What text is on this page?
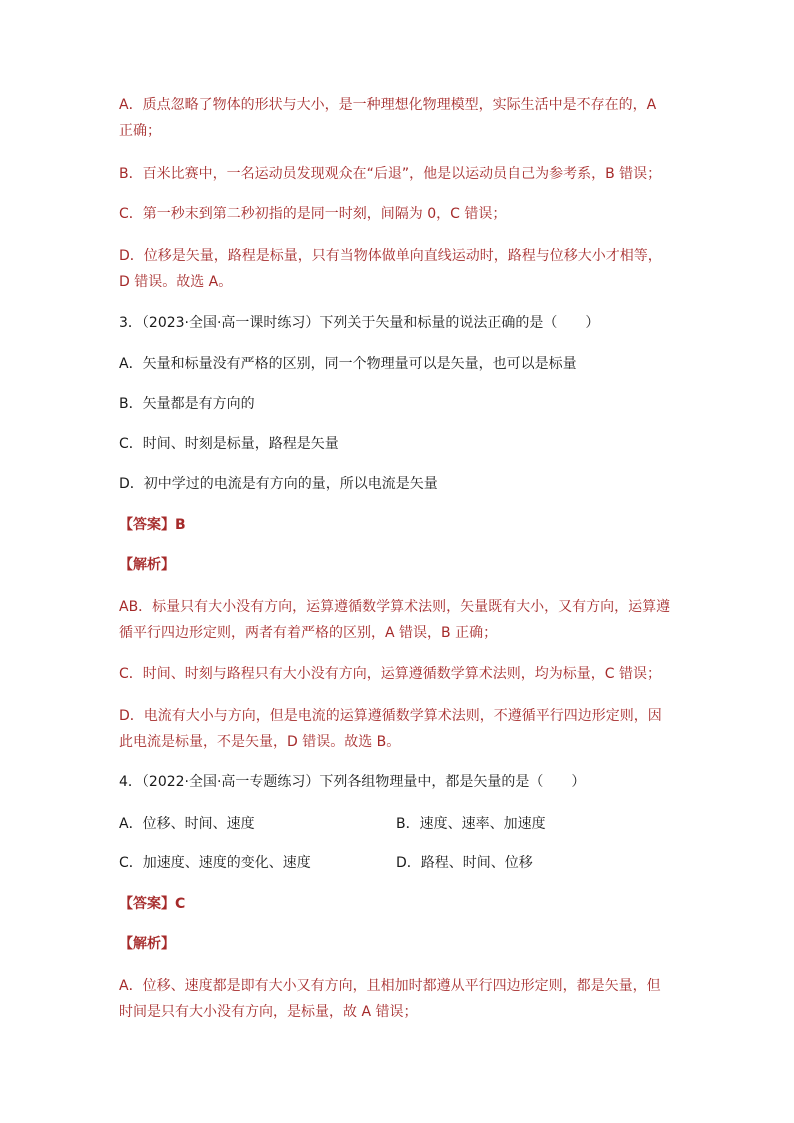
A．质点忽略了物体的形状与大小，是一种理想化物理模型，实际生活中是不存在的，A
正确；
B．百米比赛中，一名运动员发现观众在“后退”，他是以运动员自己为参考系，B 错误；
C．第一秒末到第二秒初指的是同一时刻，间隔为 0，C 错误；
D．位移是矢量，路程是标量，只有当物体做单向直线运动时，路程与位移大小才相等，
D 错误。故选 A。
3．（2023·全国·高一课时练习）下列关于矢量和标量的说法正确的是（　　）
A．矢量和标量没有严格的区别，同一个物理量可以是矢量，也可以是标量
B．矢量都是有方向的
C．时间、时刻是标量，路程是矢量
D．初中学过的电流是有方向的量，所以电流是矢量
【答案】B
【解析】
AB．标量只有大小没有方向，运算遵循数学算术法则，矢量既有大小，又有方向，运算遵
循平行四边形定则，两者有着严格的区别，A 错误，B 正确；
C．时间、时刻与路程只有大小没有方向，运算遵循数学算术法则，均为标量，C 错误；
D．电流有大小与方向，但是电流的运算遵循数学算术法则，不遵循平行四边形定则，因
此电流是标量，不是矢量，D 错误。故选 B。
4．（2022·全国·高一专题练习）下列各组物理量中，都是矢量的是（　　）
A．位移、时间、速度	B．速度、速率、加速度
C．加速度、速度的变化、速度	D．路程、时间、位移
【答案】C
【解析】
A．位移、速度都是即有大小又有方向，且相加时都遵从平行四边形定则，都是矢量，但
时间是只有大小没有方向，是标量，故 A 错误；
